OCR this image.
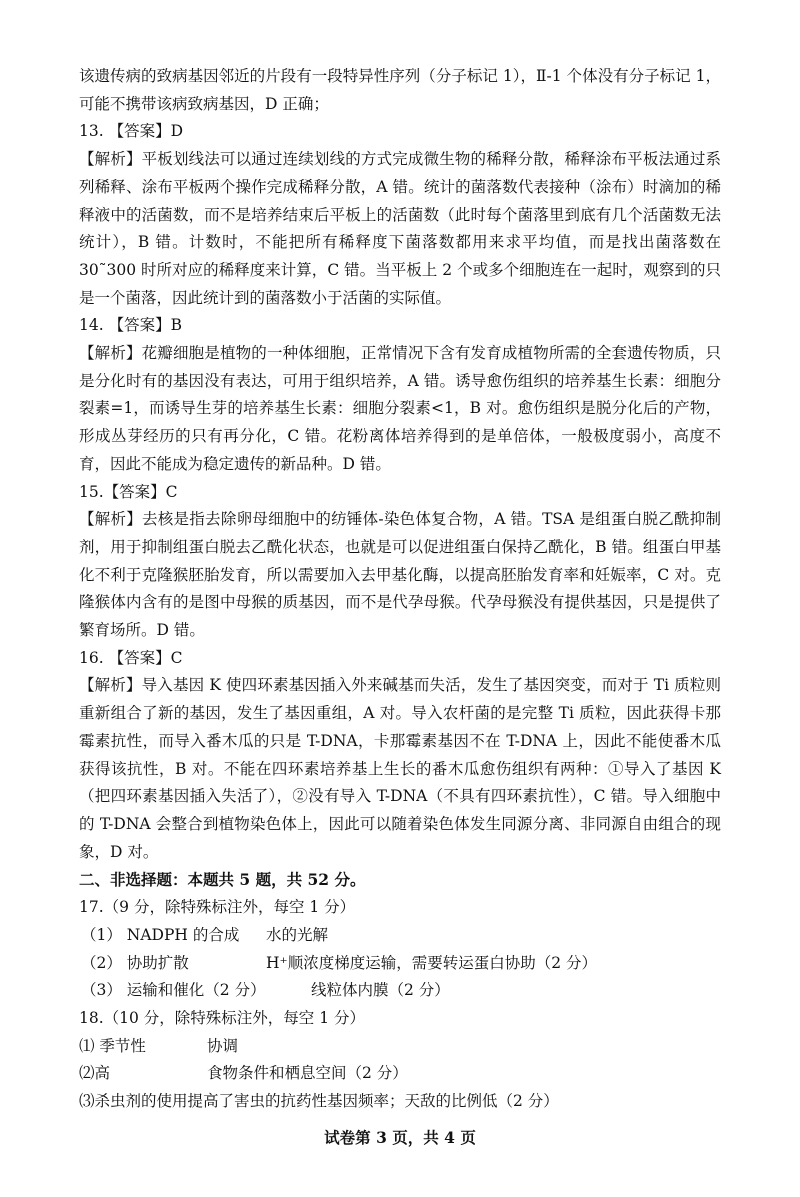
该遗传病的致病基因邻近的片段有一段特异性序列（分子标记 1），Ⅱ-1 个体没有分子标记 1，可能不携带该病致病基因，D 正确；

13. 【答案】D

【解析】平板划线法可以通过连续划线的方式完成微生物的稀释分散，稀释涂布平板法通过系列稀释、涂布平板两个操作完成稀释分散，A 错。统计的菌落数代表接种（涂布）时滴加的稀释液中的活菌数，而不是培养结束后平板上的活菌数（此时每个菌落里到底有几个活菌数无法统计），B 错。计数时，不能把所有稀释度下菌落数都用来求平均值，而是找出菌落数在 30˜300 时所对应的稀释度来计算，C 错。当平板上 2 个或多个细胞连在一起时，观察到的只是一个菌落，因此统计到的菌落数小于活菌的实际值。

14. 【答案】B

【解析】花瓣细胞是植物的一种体细胞，正常情况下含有发育成植物所需的全套遗传物质，只是分化时有的基因没有表达，可用于组织培养，A 错。诱导愈伤组织的培养基生长素：细胞分裂素=1，而诱导生芽的培养基生长素：细胞分裂素<1，B 对。愈伤组织是脱分化后的产物，形成丛芽经历的只有再分化，C 错。花粉离体培养得到的是单倍体，一般极度弱小，高度不育，因此不能成为稳定遗传的新品种。D 错。

15.【答案】C

【解析】去核是指去除卵母细胞中的纺锤体-染色体复合物，A 错。TSA 是组蛋白脱乙酰抑制剂，用于抑制组蛋白脱去乙酰化状态，也就是可以促进组蛋白保持乙酰化，B 错。组蛋白甲基化不利于克隆猴胚胎发育，所以需要加入去甲基化酶，以提高胚胎发育率和妊娠率，C 对。克隆猴体内含有的是图中母猴的质基因，而不是代孕母猴。代孕母猴没有提供基因，只是提供了繁育场所。D 错。

16. 【答案】C

【解析】导入基因 K 使四环素基因插入外来碱基而失活，发生了基因突变，而对于 Ti 质粒则重新组合了新的基因，发生了基因重组，A 对。导入农杆菌的是完整 Ti 质粒，因此获得卡那霉素抗性，而导入番木瓜的只是 T-DNA，卡那霉素基因不在 T-DNA 上，因此不能使番木瓜获得该抗性，B 对。不能在四环素培养基上生长的番木瓜愈伤组织有两种：①导入了基因 K（把四环素基因插入失活了），②没有导入 T-DNA（不具有四环素抗性），C 错。导入细胞中的 T-DNA 会整合到植物染色体上，因此可以随着染色体发生同源分离、非同源自由组合的现象，D 对。

二、非选择题：本题共 5 题，共 52 分。

17.（9 分，除特殊标注外，每空 1 分）

（1） NADPH 的合成 水的光解

（2） 协助扩散	H⁺顺浓度梯度运输，需要转运蛋白协助（2 分）

（3） 运输和催化（2 分）	线粒体内膜（2 分）

18.（10 分，除特殊标注外，每空 1 分）

⑴ 季节性	协调

⑵高	食物条件和栖息空间（2 分）

⑶杀虫剂的使用提高了害虫的抗药性基因频率；天敌的比例低（2 分）

试卷第 3 页，共 4 页
